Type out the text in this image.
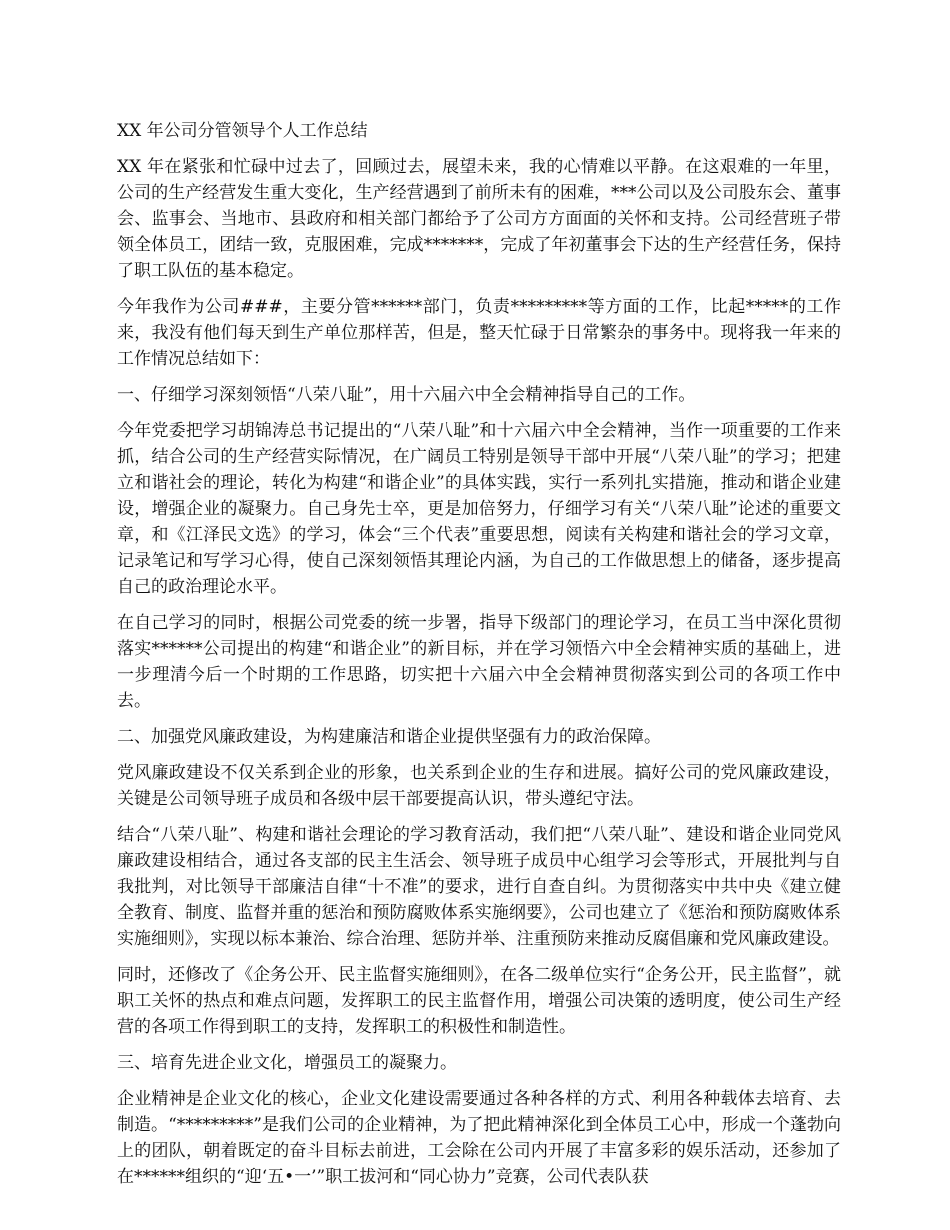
XX 年公司分管领导个人工作总结

XX 年在紧张和忙碌中过去了，回顾过去，展望未来，我的心情难以平静。在这艰难的一年里，公司的生产经营发生重大变化，生产经营遇到了前所未有的困难，***公司以及公司股东会、董事会、监事会、当地市、县政府和相关部门都给予了公司方方面面的关怀和支持。公司经营班子带领全体员工，团结一致，克服困难，完成*******，完成了年初董事会下达的生产经营任务，保持了职工队伍的基本稳定。

今年我作为公司###，主要分管******部门，负责*********等方面的工作，比起*****的工作来，我没有他们每天到生产单位那样苦，但是，整天忙碌于日常繁杂的事务中。现将我一年来的工作情况总结如下：

一、仔细学习深刻领悟“八荣八耻”，用十六届六中全会精神指导自己的工作。

今年党委把学习胡锦涛总书记提出的“八荣八耻”和十六届六中全会精神，当作一项重要的工作来抓，结合公司的生产经营实际情况，在广阔员工特别是领导干部中开展“八荣八耻”的学习；把建立和谐社会的理论，转化为构建“和谐企业”的具体实践，实行一系列扎实措施，推动和谐企业建设，增强企业的凝聚力。自己身先士卒，更是加倍努力，仔细学习有关“八荣八耻”论述的重要文章，和《江泽民文选》的学习，体会“三个代表”重要思想，阅读有关构建和谐社会的学习文章，记录笔记和写学习心得，使自己深刻领悟其理论内涵，为自己的工作做思想上的储备，逐步提高自己的政治理论水平。

在自己学习的同时，根据公司党委的统一步署，指导下级部门的理论学习，在员工当中深化贯彻落实******公司提出的构建“和谐企业”的新目标，并在学习领悟六中全会精神实质的基础上，进一步理清今后一个时期的工作思路，切实把十六届六中全会精神贯彻落实到公司的各项工作中去。

二、加强党风廉政建设，为构建廉洁和谐企业提供坚强有力的政治保障。

党风廉政建设不仅关系到企业的形象，也关系到企业的生存和进展。搞好公司的党风廉政建设，关键是公司领导班子成员和各级中层干部要提高认识，带头遵纪守法。

结合“八荣八耻”、构建和谐社会理论的学习教育活动，我们把“八荣八耻”、建设和谐企业同党风廉政建设相结合，通过各支部的民主生活会、领导班子成员中心组学习会等形式，开展批判与自我批判，对比领导干部廉洁自律“十不准”的要求，进行自查自纠。为贯彻落实中共中央《建立健全教育、制度、监督并重的惩治和预防腐败体系实施纲要》，公司也建立了《惩治和预防腐败体系实施细则》，实现以标本兼治、综合治理、惩防并举、注重预防来推动反腐倡廉和党风廉政建设。

同时，还修改了《企务公开、民主监督实施细则》，在各二级单位实行“企务公开，民主监督”，就职工关怀的热点和难点问题，发挥职工的民主监督作用，增强公司决策的透明度，使公司生产经营的各项工作得到职工的支持，发挥职工的积极性和制造性。

三、培育先进企业文化，增强员工的凝聚力。

企业精神是企业文化的核心，企业文化建设需要通过各种各样的方式、利用各种载体去培育、去制造。“*********”是我们公司的企业精神，为了把此精神深化到全体员工心中，形成一个蓬勃向上的团队，朝着既定的奋斗目标去前进，工会除在公司内开展了丰富多彩的娱乐活动，还参加了在******组织的“迎‘五•一’”职工拔河和“同心协力”竞赛，公司代表队获
